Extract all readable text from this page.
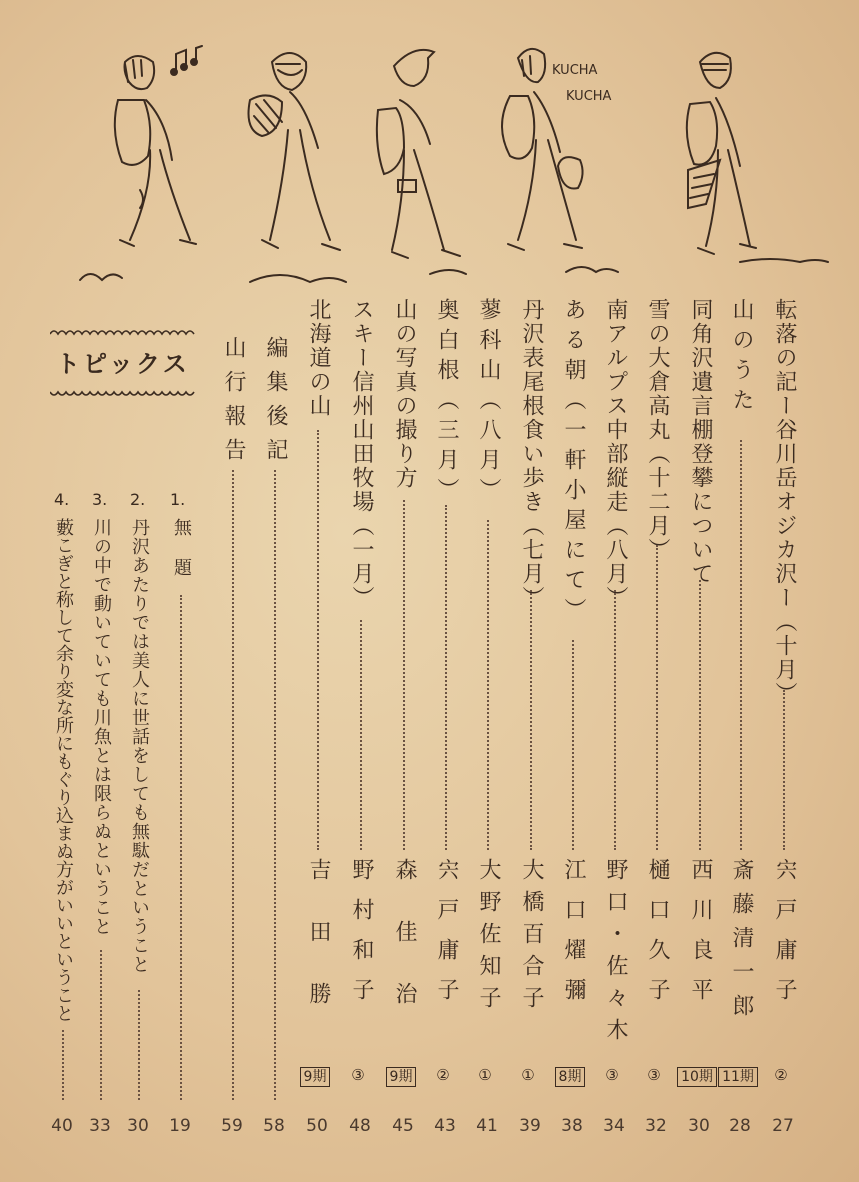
KUCHA
KUCHA
転落の記ー谷川岳オジカ沢ー（十月）
宍戸庸子
②
27
山のうた
斎藤清一郎
11期
28
同角沢遺言棚登攀について
西川良平
10期
30
雪の大倉高丸（十二月）
樋口久子
③
32
南アルプス中部縦走（八月）
野口・佐々木
③
34
ある朝（一軒小屋にて）
江口燿彌
8期
38
丹沢表尾根食い歩き（七月）
大橋百合子
①
39
蓼科山（八月）
大野佐知子
①
41
奥白根（三月）
宍戸庸子
②
43
山の写真の撮り方
森佳治
9期
45
スキー信州山田牧場（一月）
野村和子
③
48
北海道の山
吉田勝
9期
50
編集後記
58
山行報告
59
トピックス
1.
無題
19
2.
丹沢あたりでは美人に世話をしても無駄だということ
30
3.
川の中で動いていても川魚とは限らぬということ
33
4.
藪こぎと称して余り変な所にもぐり込まぬ方がいいということ
40
